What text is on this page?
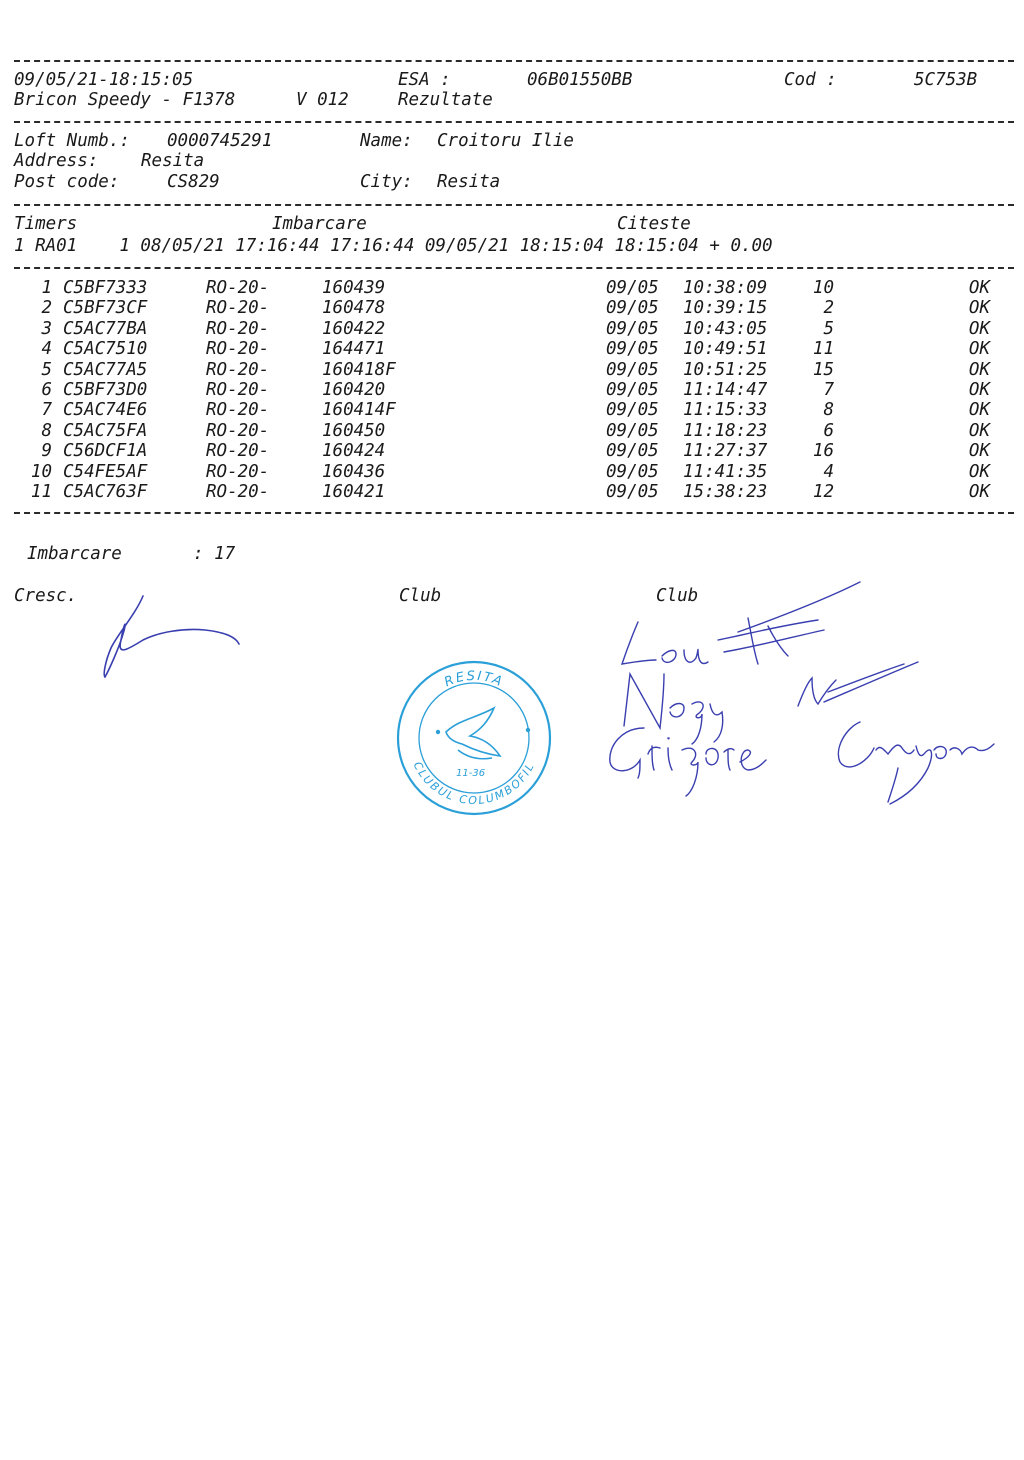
09/05/21-18:15:05	ESA :	06B01550BB	Cod :	5C753B
Bricon Speedy - F1378	V 012	Rezultate
Loft Numb.: 0000745291	Name: Croitoru Ilie
Address: Resita
Post code:	CS829	City: Resita
Timers	Imbarcare	Citeste
1 RA01    1 08/05/21 17:16:44 17:16:44 09/05/21 18:15:04 18:15:04 + 0.00
1 C5BF7333	RO-20-	160439	09/05 10:38:09	10	OK
2 C5BF73CF	RO-20-	160478	09/05 10:39:15	2	OK
3 C5AC77BA	RO-20-	160422	09/05 10:43:05	5	OK
4 C5AC7510	RO-20-	164471	09/05 10:49:51	11	OK
5 C5AC77A5	RO-20-	160418F	09/05 10:51:25	15	OK
6 C5BF73D0	RO-20-	160420	09/05 11:14:47	7	OK
7 C5AC74E6	RO-20-	160414F	09/05 11:15:33	8	OK
8 C5AC75FA	RO-20-	160450	09/05 11:18:23	6	OK
9 C56DCF1A	RO-20-	160424	09/05 11:27:37	16	OK
10 C54FE5AF	RO-20-	160436	09/05 11:41:35	4	OK
11 C5AC763F	RO-20-	160421	09/05 15:38:23	12	OK
Imbarcare	: 17
Cresc.	Club	Club
RESITA
CLUBUL COLUMBOFIL
11-36
